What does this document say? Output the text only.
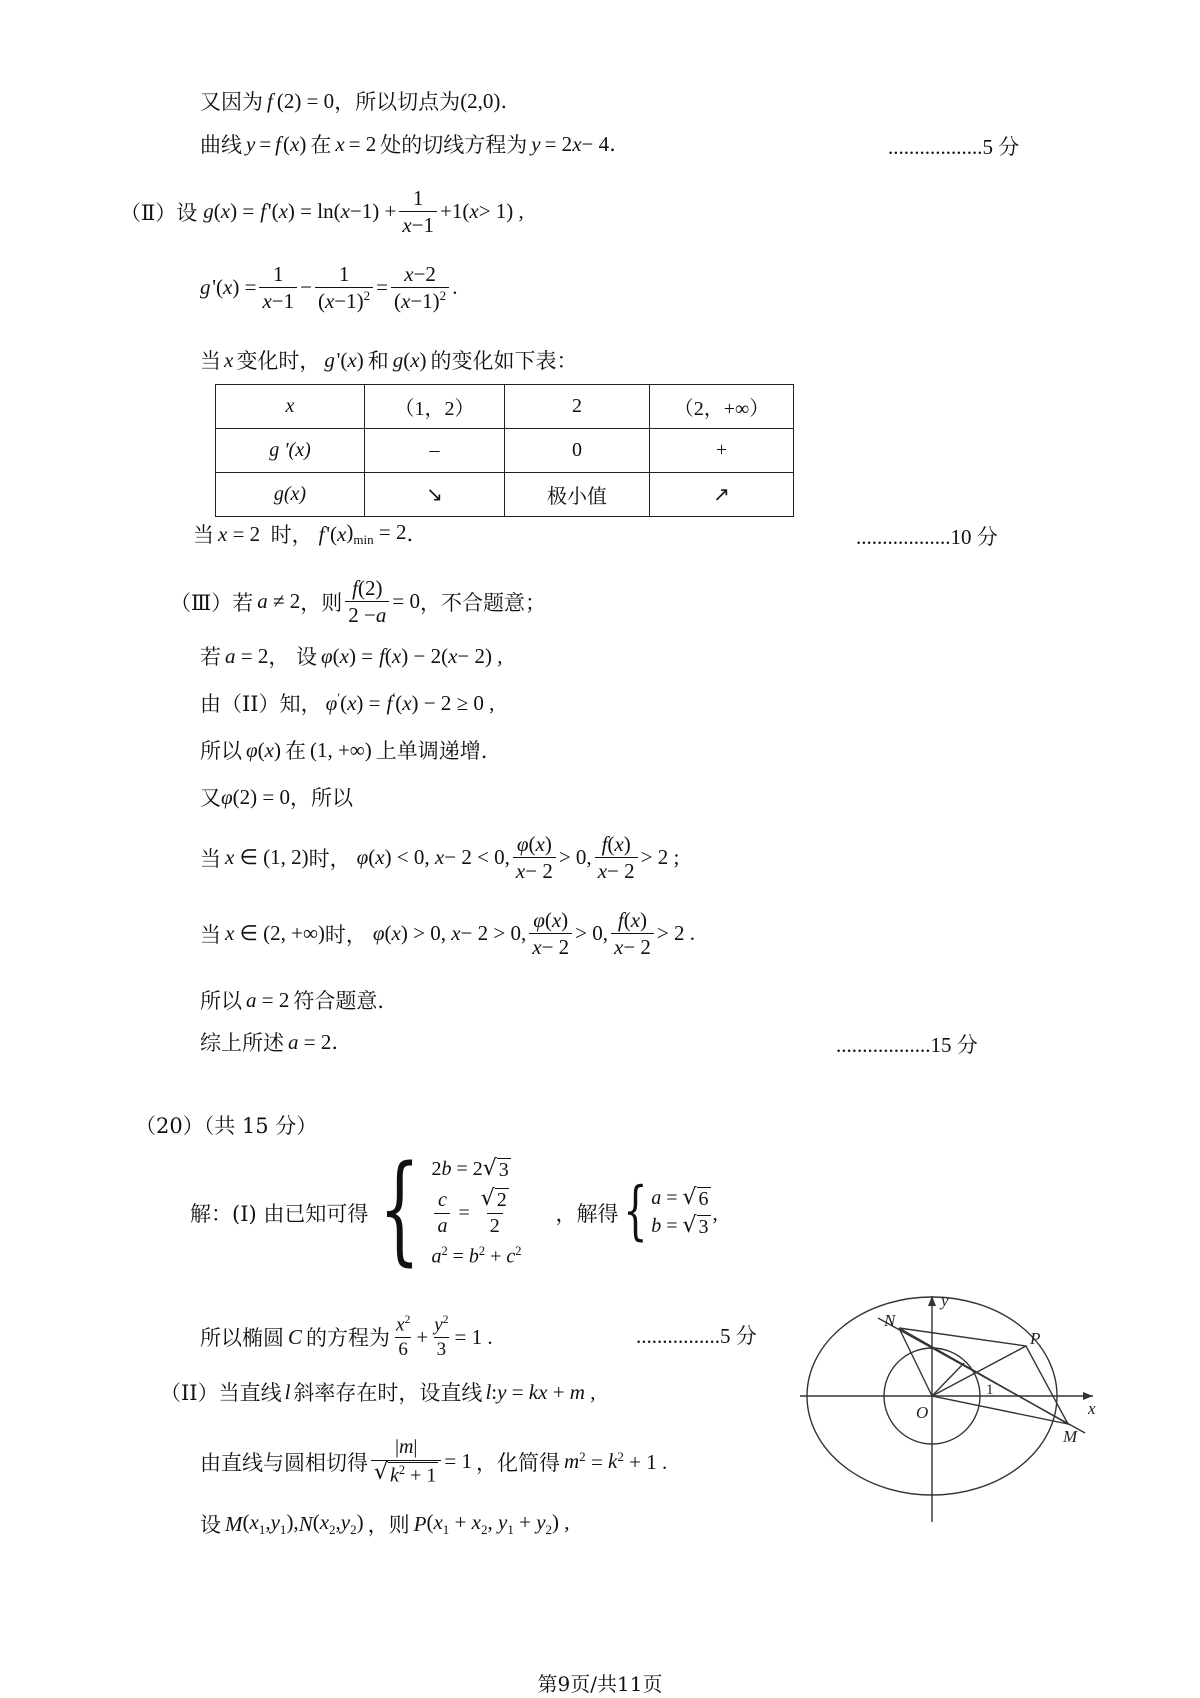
又因为 f (2) = 0 ，所以切点为 (2,0) .
曲线 y = f ( x ) 在 x = 2 处的切线方程为 y = 2 x − 4 .	..................5 分
（Ⅱ）设 g ( x ) = f  '( x ) = ln( $x -1) + \frac{1}{x-1} +1$( x > 1) ,
g  '( x ) = $\frac{1}{x-1} - \frac{1}{(x-1)^2} = \frac{x-2}{(x-1)^2}$ .
当 x 变化时， g  '( x ) 和 g ( x ) 的变化如下表：
x	（1，2）	2	（2，+∞）
g '(x)	–	0	+
g(x)	↘	极小值	↗
当 x = 2 时， f  '( x )$_{min} = 2$ .	..................10 分
（Ⅲ）若 a ≠ 2 ，则 $\frac{f(2)}{2 -a} = 0$ ，不合题意；
若 a = 2 ， 设 φ ( x ) = f ( x ) − 2( x − 2) ,
由（II）知， φ ′( x ) = f ′( x ) − 2 ≥ 0 ,
所以 φ ( x ) 在 (1, +∞) 上单调递增.
又 φ (2) = 0 ，所以
当 x ∈ (1, 2) 时， φ ( x ) < 0, x − 2 < 0, $\frac{\varphi(x)}{x- 2} > 0$, $\frac{f(x)}{x- 2} > 2$ ;
当 x ∈ (2, +∞) 时， φ ( x ) > 0, x − 2 > 0, $\frac{\varphi(x)}{x- 2} > 0$, $\frac{f(x)}{x- 2} > 2$ .
所以 a = 2 符合题意.
综上所述 a = 2 .	..................15 分
（20）（共 15 分）
解：(I) 由已知可得 { 2b = 2 √ 3
$\frac{c}{a} = \frac{√ 2}{2}$
$a^2 = b^2 + c^2$
，解得 { a = √ 6
b = √ 3
,
所以椭圆 C 的方程为 $\frac{x^2}{6} + \frac{y^2}{3} = 1$ .	................5 分
（II）当直线 l 斜率存在时，设直线 l : y = kx + m ,
由直线与圆相切得 $\frac{|m|}{√ k^2 + 1} = 1$ ，化简得 m $^2$ = k $^2$ + 1 .
设 M $(x_1,y_1)$, N $(x_2,y_2)$ ，则 P ($x_1 + x_2$, $y_1 + y_2$) ,
y
x
N
P
O
M
1
第9页/共11页
